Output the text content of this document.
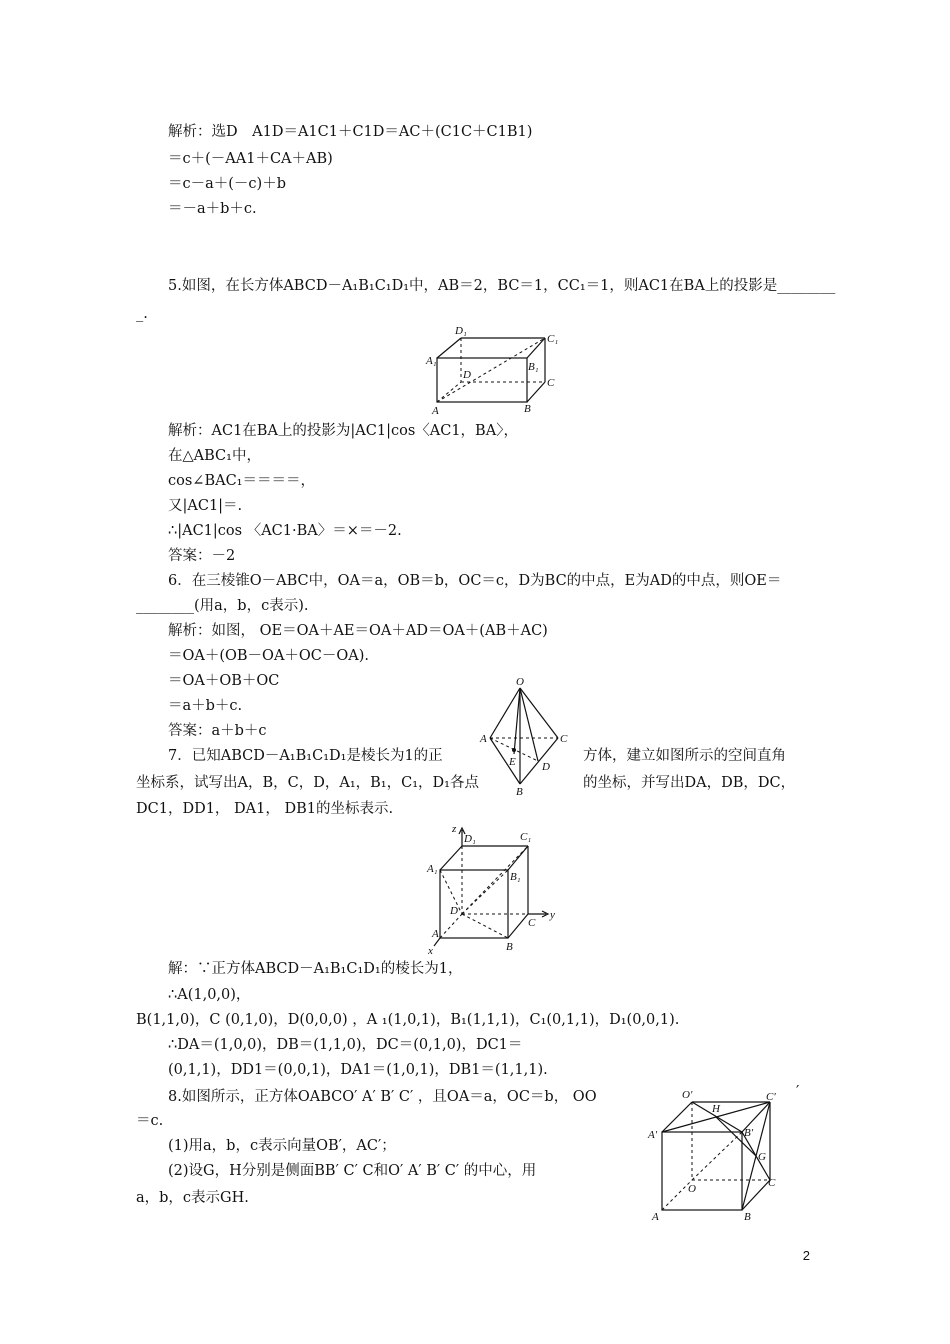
解析：选D　A1D＝A1C1＋C1D＝AC＋(C1C＋C1B1)
＝c＋(－AA1＋CA＋AB)
＝c－a＋(－c)＋b
＝－a＋b＋c.
5.如图，在长方体ABCD－A₁B₁C₁D₁中，AB＝2，BC＝1，CC₁＝1，则AC1在BA上的投影是________
_.
解析：AC1在BA上的投影为|AC1|cos〈AC1，BA〉，
在△ABC₁中，
cos∠BAC₁＝＝＝＝，
又|AC1|＝.
∴|AC1|cos 〈AC1·BA〉＝×＝－2.
答案：－2
6．在三棱锥O－ABC中，OA＝a，OB＝b，OC＝c，D为BC的中点，E为AD的中点，则OE＝
________(用a，b，c表示).
解析：如图， OE＝OA＋AE＝OA＋AD＝OA＋(AB＋AC)
＝OA＋(OB－OA＋OC－OA).
＝OA＋OB＋OC
＝a＋b＋c.
答案：a＋b＋c
7．已知ABCD－A₁B₁C₁D₁是棱长为1的正	方体，建立如图所示的空间直角
坐标系，试写出A，B，C，D，A₁，B₁，C₁，D₁各点	的坐标，并写出DA，DB，DC，
DC1，DD1， DA1， DB1的坐标表示.
解：∵正方体ABCD－A₁B₁C₁D₁的棱长为1，
∴A(1,0,0)，
B(1,1,0)，C (0,1,0)，D(0,0,0) ，A ₁(1,0,1)，B₁(1,1,1)，C₁(0,1,1)，D₁(0,0,1).
∴DA＝(1,0,0)，DB＝(1,1,0)，DC＝(0,1,0)，DC1＝
(0,1,1)，DD1＝(0,0,1)，DA1＝(1,0,1)，DB1＝(1,1,1).
8.如图所示，正方体OABCO′ A′ B′ C′ ，且OA＝a，OC＝b， OO	′
＝c.
(1)用a，b，c表示向量OB′，AC′；
(2)设G，H分别是侧面BB′ C′ C和O′ A′ B′ C′ 的中心，用
a，b，c表示GH.
D₁
C₁
A₁	B₁
D
C
A	B
O
A	C
E D
B
z
D₁	C₁
A₁
B₁
D
C
y
A
x	B
O′	C′
H
A′	B′
G
O	C
A	B
2
